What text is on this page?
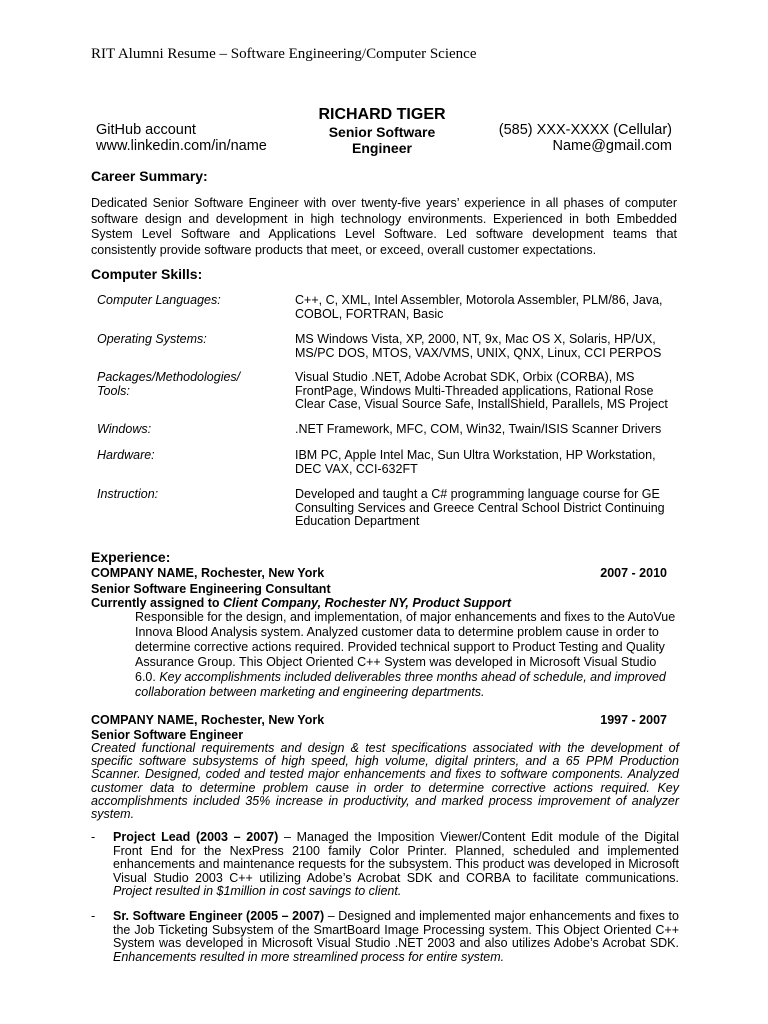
RIT Alumni Resume – Software Engineering/Computer Science
GitHub account
www.linkedin.com/in/name
RICHARD TIGER
Senior Software
Engineer
(585) XXX-XXXX (Cellular)
Name@gmail.com
Career Summary:
Dedicated Senior Software Engineer with over twenty-five years’ experience in all phases of computer software design and development in high technology environments. Experienced in both Embedded System Level Software and Applications Level Software. Led software development teams that consistently provide software products that meet, or exceed, overall customer expectations.
Computer Skills:
Computer Languages:	C++, C, XML, Intel Assembler, Motorola Assembler, PLM/86, Java, COBOL, FORTRAN, Basic
Operating Systems:	MS Windows Vista, XP, 2000, NT, 9x, Mac OS X, Solaris, HP/UX, MS/PC DOS, MTOS, VAX/VMS, UNIX, QNX, Linux, CCI PERPOS
Packages/Methodologies/ Tools:
Visual Studio .NET, Adobe Acrobat SDK, Orbix (CORBA), MS FrontPage, Windows Multi-Threaded applications, Rational Rose Clear Case, Visual Source Safe, InstallShield, Parallels, MS Project
Windows:	.NET Framework, MFC, COM, Win32, Twain/ISIS Scanner Drivers
Hardware:	IBM PC, Apple Intel Mac, Sun Ultra Workstation, HP Workstation, DEC VAX, CCI-632FT
Instruction:	Developed and taught a C# programming language course for GE Consulting Services and Greece Central School District Continuing Education Department
Experience:
COMPANY NAME, Rochester, New York	2007 - 2010
Senior Software Engineering Consultant
Currently assigned to Client Company, Rochester NY, Product Support
Responsible for the design, and implementation, of major enhancements and fixes to the AutoVue Innova Blood Analysis system. Analyzed customer data to determine problem cause in order to determine corrective actions required. Provided technical support to Product Testing and Quality Assurance Group. This Object Oriented C++ System was developed in Microsoft Visual Studio 6.0. Key accomplishments included deliverables three months ahead of schedule, and improved collaboration between marketing and engineering departments.
COMPANY NAME, Rochester, New York	1997 - 2007
Senior Software Engineer
Created functional requirements and design & test specifications associated with the development of specific software subsystems of high speed, high volume, digital printers, and a 65 PPM Production Scanner. Designed, coded and tested major enhancements and fixes to software components. Analyzed customer data to determine problem cause in order to determine corrective actions required. Key accomplishments included 35% increase in productivity, and marked process improvement of analyzer system.
- Project Lead (2003 – 2007) – Managed the Imposition Viewer/Content Edit module of the Digital Front End for the NexPress 2100 family Color Printer. Planned, scheduled and implemented enhancements and maintenance requests for the subsystem. This product was developed in Microsoft Visual Studio 2003 C++ utilizing Adobe’s Acrobat SDK and CORBA to facilitate communications. Project resulted in $1million in cost savings to client.
- Sr. Software Engineer (2005 – 2007) – Designed and implemented major enhancements and fixes to the Job Ticketing Subsystem of the SmartBoard Image Processing system. This Object Oriented C++ System was developed in Microsoft Visual Studio .NET 2003 and also utilizes Adobe’s Acrobat SDK. Enhancements resulted in more streamlined process for entire system.
